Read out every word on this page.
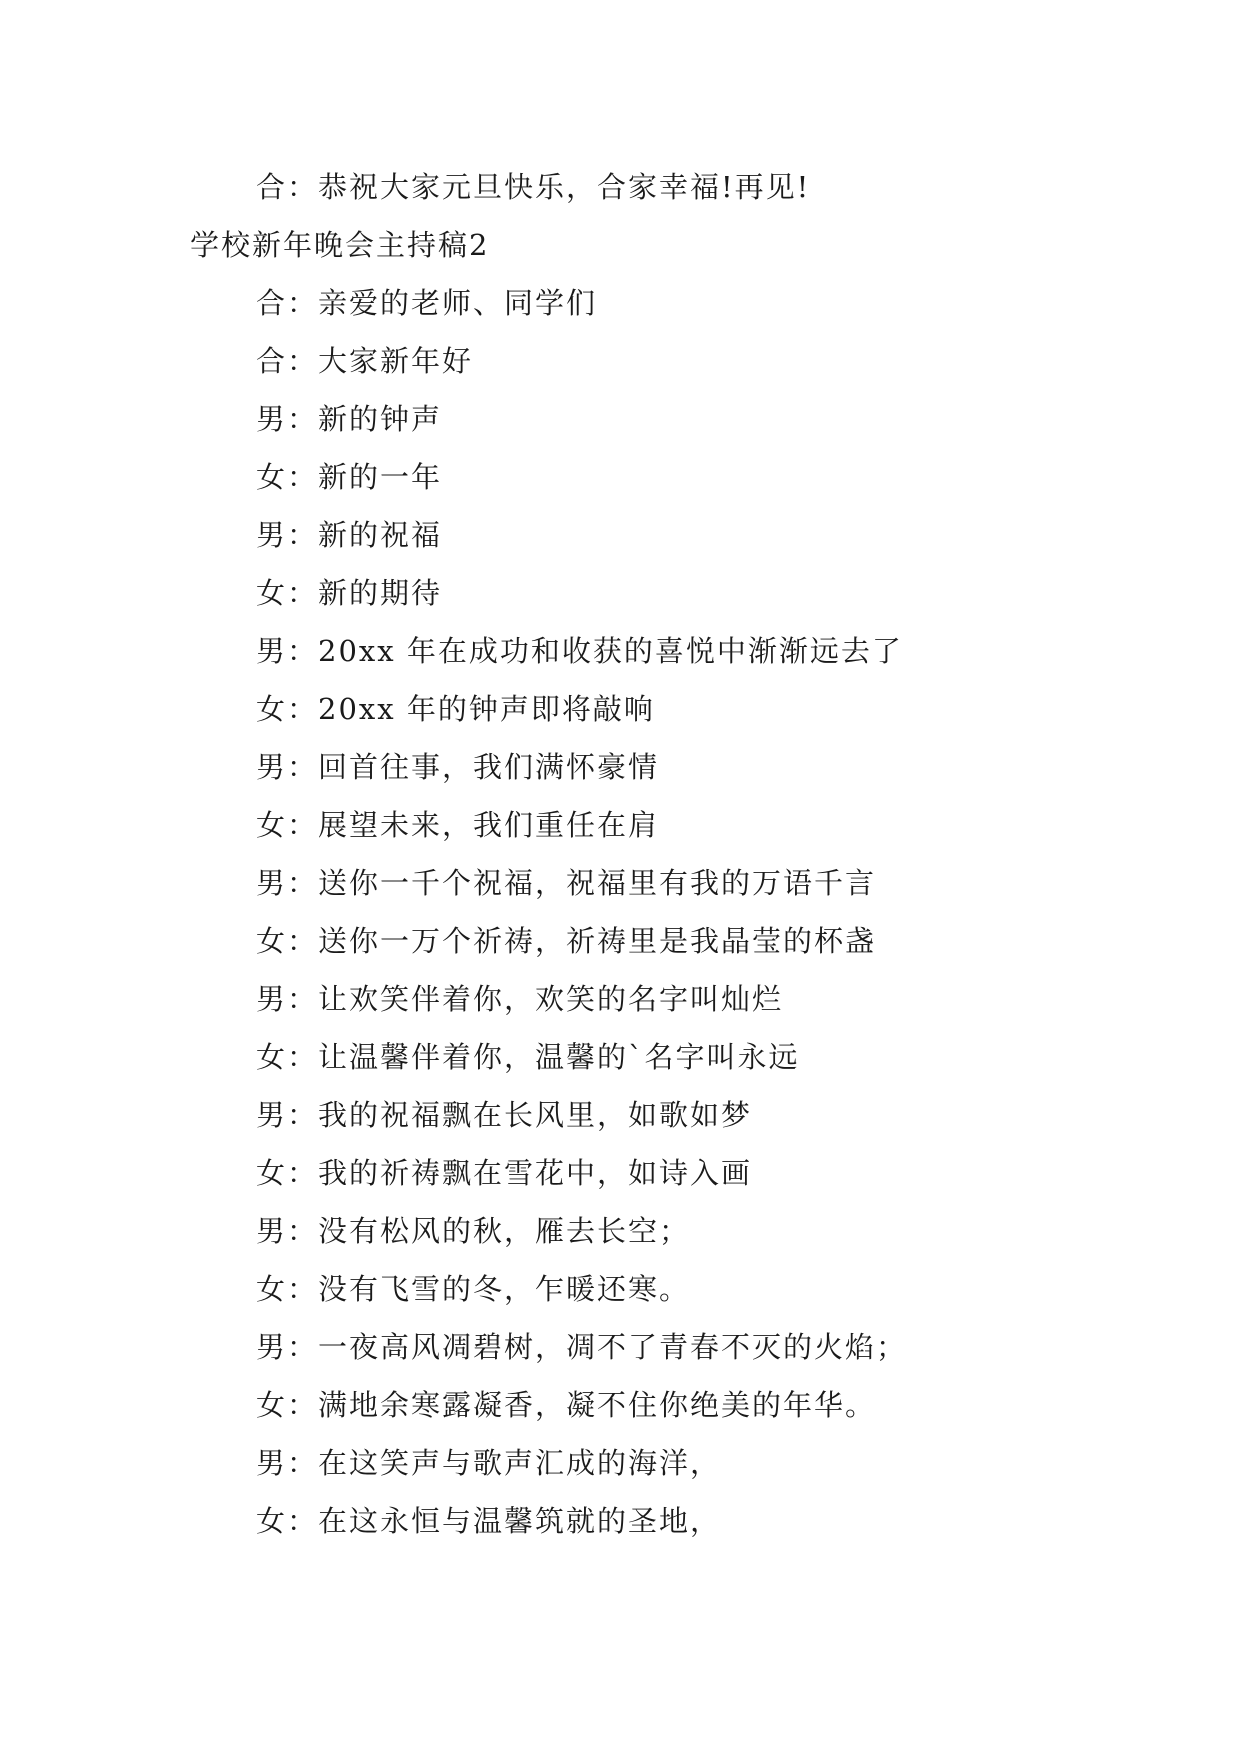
合：恭祝大家元旦快乐，合家幸福!再见!
学校新年晚会主持稿2
合：亲爱的老师、同学们
合：大家新年好
男：新的钟声
女：新的一年
男：新的祝福
女：新的期待
男：20xx 年在成功和收获的喜悦中渐渐远去了
女：20xx 年的钟声即将敲响
男：回首往事，我们满怀豪情
女：展望未来，我们重任在肩
男：送你一千个祝福，祝福里有我的万语千言
女：送你一万个祈祷，祈祷里是我晶莹的杯盏
男：让欢笑伴着你，欢笑的名字叫灿烂
女：让温馨伴着你，温馨的`名字叫永远
男：我的祝福飘在长风里，如歌如梦
女：我的祈祷飘在雪花中，如诗入画
男：没有松风的秋，雁去长空；
女：没有飞雪的冬，乍暖还寒。
男：一夜高风凋碧树，凋不了青春不灭的火焰；
女：满地余寒露凝香，凝不住你绝美的年华。
男：在这笑声与歌声汇成的海洋，
女：在这永恒与温馨筑就的圣地，
